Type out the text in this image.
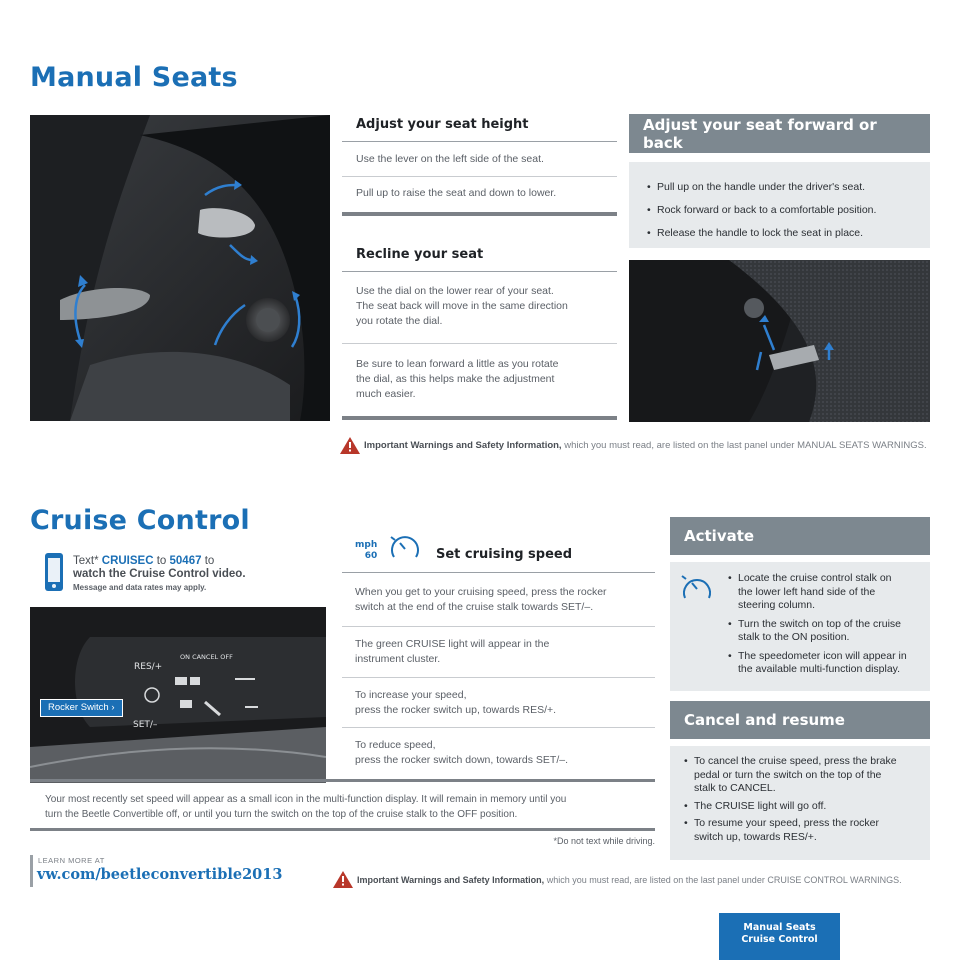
Manual Seats
Adjust your seat height
Use the lever on the left side of the seat.
Pull up to raise the seat and down to lower.
Recline your seat
Use the dial on the lower rear of your seat.
The seat back will move in the same direction
you rotate the dial.
Be sure to lean forward a little as you rotate
the dial, as this helps make the adjustment
much easier.
Adjust your seat forward or back
• Pull up on the handle under the driver's seat.
• Rock forward or back to a comfortable position.
• Release the handle to lock the seat in place.
Important Warnings and Safety Information, which you must read, are listed on the last panel under MANUAL SEATS WARNINGS.
Cruise Control
Text* CRUISEC to 50467 to
watch the Cruise Control video.
Message and data rates may apply.
RES/+
SET/–
ON CANCEL OFF
Rocker Switch ›
mph
60	Set cruising speed
When you get to your cruising speed, press the rocker
switch at the end of the cruise stalk towards SET/–.
The green CRUISE light will appear in the
instrument cluster.
To increase your speed,
press the rocker switch up, towards RES/+.
To reduce speed,
press the rocker switch down, towards SET/–.
Your most recently set speed will appear as a small icon in the multi-function display. It will remain in memory until you
turn the Beetle Convertible off, or until you turn the switch on the top of the cruise stalk to the OFF position.
*Do not text while driving.
Activate
• Locate the cruise control stalk on
the lower left hand side of the
steering column.
• Turn the switch on top of the cruise
stalk to the ON position.
• The speedometer icon will appear in
the available multi-function display.
Cancel and resume
• To cancel the cruise speed, press the brake
pedal or turn the switch on the top of the
stalk to CANCEL.
• The CRUISE light will go off.
• To resume your speed, press the rocker
switch up, towards RES/+.
LEARN MORE AT
vw.com/beetleconvertible2013	Important Warnings and Safety Information, which you must read, are listed on the last panel under CRUISE CONTROL WARNINGS.
Manual Seats
Cruise Control
